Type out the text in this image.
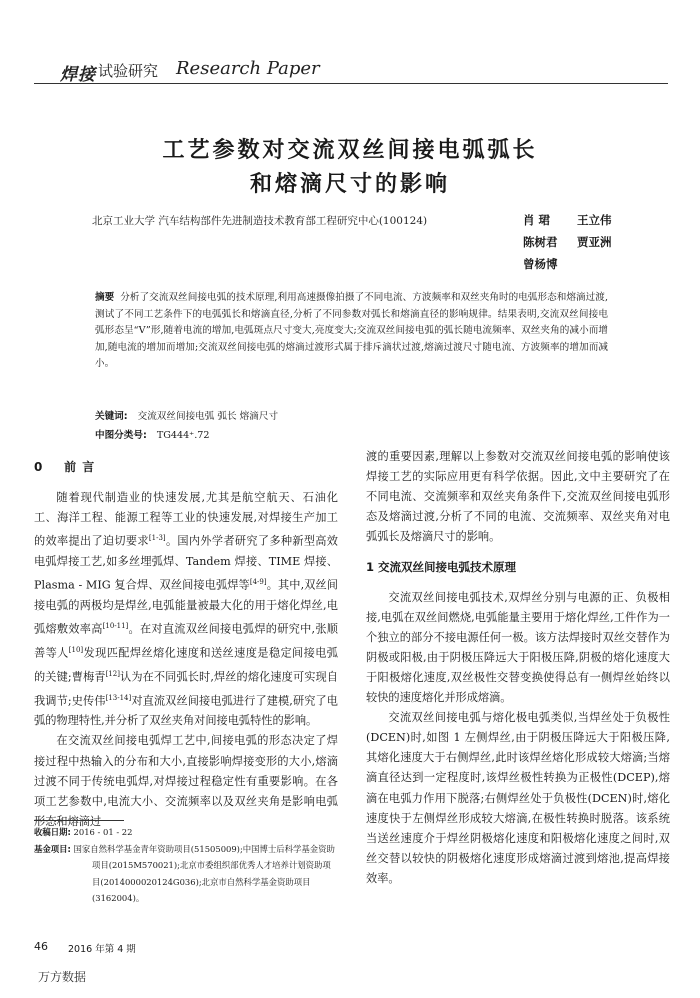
焊接 试验研究 Research Paper
工艺参数对交流双丝间接电弧弧长
和熔滴尺寸的影响
北京工业大学 汽车结构部件先进制造技术教育部工程研究中心(100124)	肖 珺 王立伟
陈树君 贾亚洲
曾杨博
摘要 分析了交流双丝间接电弧的技术原理,利用高速摄像拍摄了不同电流、方波频率和双丝夹角时的电弧形态和熔滴过渡,测试了不同工艺条件下的电弧弧长和熔滴直径,分析了不同参数对弧长和熔滴直径的影响规律。结果表明,交流双丝间接电弧形态呈“V”形,随着电流的增加,电弧斑点尺寸变大,亮度变大;交流双丝间接电弧的弧长随电流频率、双丝夹角的减小而增加,随电流的增加而增加;交流双丝间接电弧的熔滴过渡形式属于排斥滴状过渡,熔滴过渡尺寸随电流、方波频率的增加而减小。
关键词: 交流双丝间接电弧 弧长 熔滴尺寸
中图分类号: TG444⁺.72
0 前 言
随着现代制造业的快速发展,尤其是航空航天、石油化工、海洋工程、能源工程等工业的快速发展,对焊接生产加工的效率提出了迫切要求[1-3]。国内外学者研究了多种新型高效电弧焊接工艺,如多丝埋弧焊、Tandem 焊接、TIME 焊接、Plasma - MIG 复合焊、双丝间接电弧焊等[4-9]。其中,双丝间接电弧的两极均是焊丝,电弧能量被最大化的用于熔化焊丝,电弧熔敷效率高[10-11]。在对直流双丝间接电弧焊的研究中,张顺善等人[10]发现匹配焊丝熔化速度和送丝速度是稳定间接电弧的关键;曹梅青[12]认为在不同弧长时,焊丝的熔化速度可实现自我调节;史传伟[13-14]对直流双丝间接电弧进行了建模,研究了电弧的物理特性,并分析了双丝夹角对间接电弧特性的影响。
在交流双丝间接电弧焊工艺中,间接电弧的形态决定了焊接过程中热输入的分布和大小,直接影响焊接变形的大小,熔滴过渡不同于传统电弧焊,对焊接过程稳定性有重要影响。在各项工艺参数中,电流大小、交流频率以及双丝夹角是影响电弧形态和熔滴过
收稿日期: 2016 - 01 - 22
基金项目: 国家自然科学基金青年资助项目(51505009);中国博士后科学基金资助项目(2015M570021);北京市委组织部优秀人才培养计划资助项目(2014000020124G036);北京市自然科学基金资助项目(3162004)。
渡的重要因素,理解以上参数对交流双丝间接电弧的影响使该焊接工艺的实际应用更有科学依据。因此,文中主要研究了在不同电流、交流频率和双丝夹角条件下,交流双丝间接电弧形态及熔滴过渡,分析了不同的电流、交流频率、双丝夹角对电弧弧长及熔滴尺寸的影响。
1 交流双丝间接电弧技术原理
交流双丝间接电弧技术,双焊丝分别与电源的正、负极相接,电弧在双丝间燃烧,电弧能量主要用于熔化焊丝,工件作为一个独立的部分不接电源任何一极。该方法焊接时双丝交替作为阴极或阳极,由于阴极压降远大于阳极压降,阴极的熔化速度大于阳极熔化速度,双丝极性交替变换使得总有一侧焊丝始终以较快的速度熔化并形成熔滴。
交流双丝间接电弧与熔化极电弧类似,当焊丝处于负极性(DCEN)时,如图 1 左侧焊丝,由于阴极压降远大于阳极压降,其熔化速度大于右侧焊丝,此时该焊丝熔化形成较大熔滴;当熔滴直径达到一定程度时,该焊丝极性转换为正极性(DCEP),熔滴在电弧力作用下脱落;右侧焊丝处于负极性(DCEN)时,熔化速度快于左侧焊丝形成较大熔滴,在极性转换时脱落。该系统当送丝速度介于焊丝阴极熔化速度和阳极熔化速度之间时,双丝交替以较快的阴极熔化速度形成熔滴过渡到熔池,提高焊接效率。
46 2016 年第 4 期
万方数据
